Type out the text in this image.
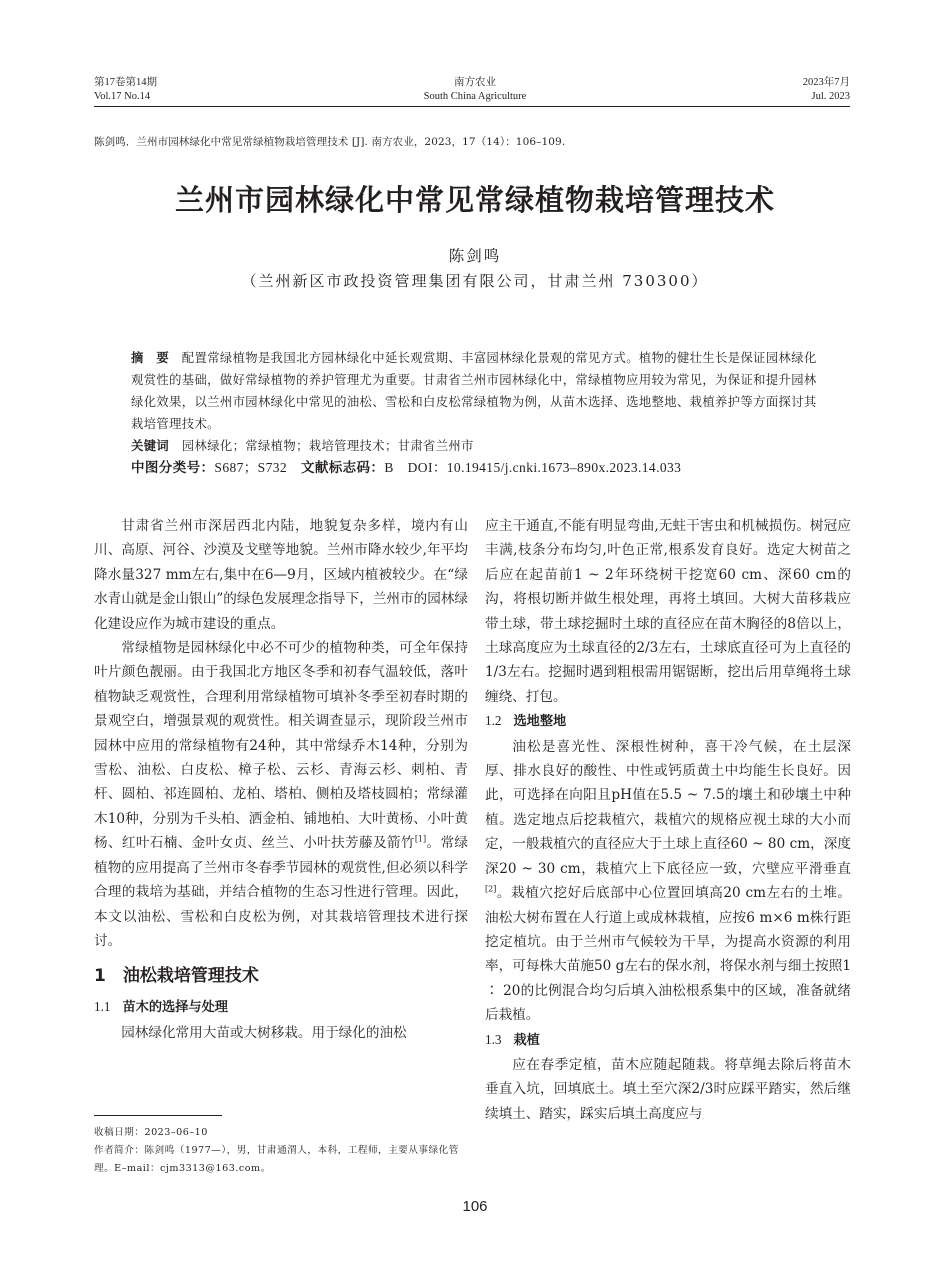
第17卷第14期
Vol.17 No.14
南方农业
South China Agriculture
2023年7月
Jul. 2023
陈剑鸣．兰州市园林绿化中常见常绿植物栽培管理技术 [J]. 南方农业，2023，17（14）：106–109.
兰州市园林绿化中常见常绿植物栽培管理技术
陈剑鸣
（兰州新区市政投资管理集团有限公司，甘肃兰州 730300）

摘　要　 配置常绿植物是我国北方园林绿化中延长观赏期、丰富园林绿化景观的常见方式。植物的健壮生长是保证园林绿化观赏性的基础，做好常绿植物的养护管理尤为重要。甘肃省兰州市园林绿化中，常绿植物应用较为常见，为保证和提升园林绿化效果，以兰州市园林绿化中常见的油松、雪松和白皮松常绿植物为例，从苗木选择、选地整地、栽植养护等方面探讨其栽培管理技术。

关键词　 园林绿化；常绿植物；栽培管理技术；甘肃省兰州市

中图分类号：S687；S732　 文献标志码：B　 DOI：10.19415/j.cnki.1673–890x.2023.14.033

甘肃省兰州市深居西北内陆，地貌复杂多样，境内有山川、高原、河谷、沙漠及戈壁等地貌。兰州市降水较少,年平均降水量327 mm左右,集中在6—9月，区域内植被较少。在“绿水青山就是金山银山”的绿色发展理念指导下，兰州市的园林绿化建设应作为城市建设的重点。

常绿植物是园林绿化中必不可少的植物种类，可全年保持叶片颜色靓丽。由于我国北方地区冬季和初春气温较低，落叶植物缺乏观赏性，合理利用常绿植物可填补冬季至初春时期的景观空白，增强景观的观赏性。相关调查显示，现阶段兰州市园林中应用的常绿植物有24种，其中常绿乔木14种，分别为雪松、油松、白皮松、樟子松、云杉、青海云杉、刺柏、青杆、圆柏、祁连圆柏、龙柏、塔柏、侧柏及塔枝圆柏；常绿灌木10种，分别为千头柏、洒金柏、铺地柏、大叶黄杨、小叶黄杨、红叶石楠、金叶女贞、丝兰、小叶扶芳藤及箭竹[1]。常绿植物的应用提高了兰州市冬春季节园林的观赏性,但必须以科学合理的栽培为基础，并结合植物的生态习性进行管理。因此，本文以油松、雪松和白皮松为例，对其栽培管理技术进行探讨。

1　 油松栽培管理技术
1.1 苗木的选择与处理

园林绿化常用大苗或大树移栽。用于绿化的油松

应主干通直,不能有明显弯曲,无蛀干害虫和机械损伤。树冠应丰满,枝条分布均匀,叶色正常,根系发育良好。选定大树苗之后应在起苗前1 ~ 2年环绕树干挖宽60 cm、深60 cm的沟，将根切断并做生根处理，再将土填回。大树大苗移栽应带土球，带土球挖掘时土球的直径应在苗木胸径的8倍以上，土球高度应为土球直径的2/3左右，土球底直径可为上直径的1/3左右。挖掘时遇到粗根需用锯锯断，挖出后用草绳将土球缠绕、打包。

1.2 选地整地

油松是喜光性、深根性树种，喜干冷气候，在土层深厚、排水良好的酸性、中性或钙质黄土中均能生长良好。因此，可选择在向阳且pH值在5.5 ~ 7.5的壤土和砂壤土中种植。选定地点后挖栽植穴，栽植穴的规格应视土球的大小而定，一般栽植穴的直径应大于土球上直径60 ~ 80 cm，深度深20 ~ 30 cm，栽植穴上下底径应一致，穴壁应平滑垂直[2]。栽植穴挖好后底部中心位置回填高20 cm左右的土堆。油松大树布置在人行道上或成林栽植，应按6 m×6 m株行距挖定植坑。由于兰州市气候较为干旱，为提高水资源的利用率，可每株大苗施50 g左右的保水剂，将保水剂与细土按照1 ∶ 20的比例混合均匀后填入油松根系集中的区域，准备就绪后栽植。

1.3 栽植

应在春季定植，苗木应随起随栽。将草绳去除后将苗木垂直入坑，回填底土。填土至穴深2/3时应踩平踏实，然后继续填土、踏实，踩实后填土高度应与

收稿日期：2023–06–10

作者简介：陈剑鸣（1977—），男，甘肃通渭人，本科，工程师，主要从事绿化管理。E–mail：cjm3313@163.com。

106
